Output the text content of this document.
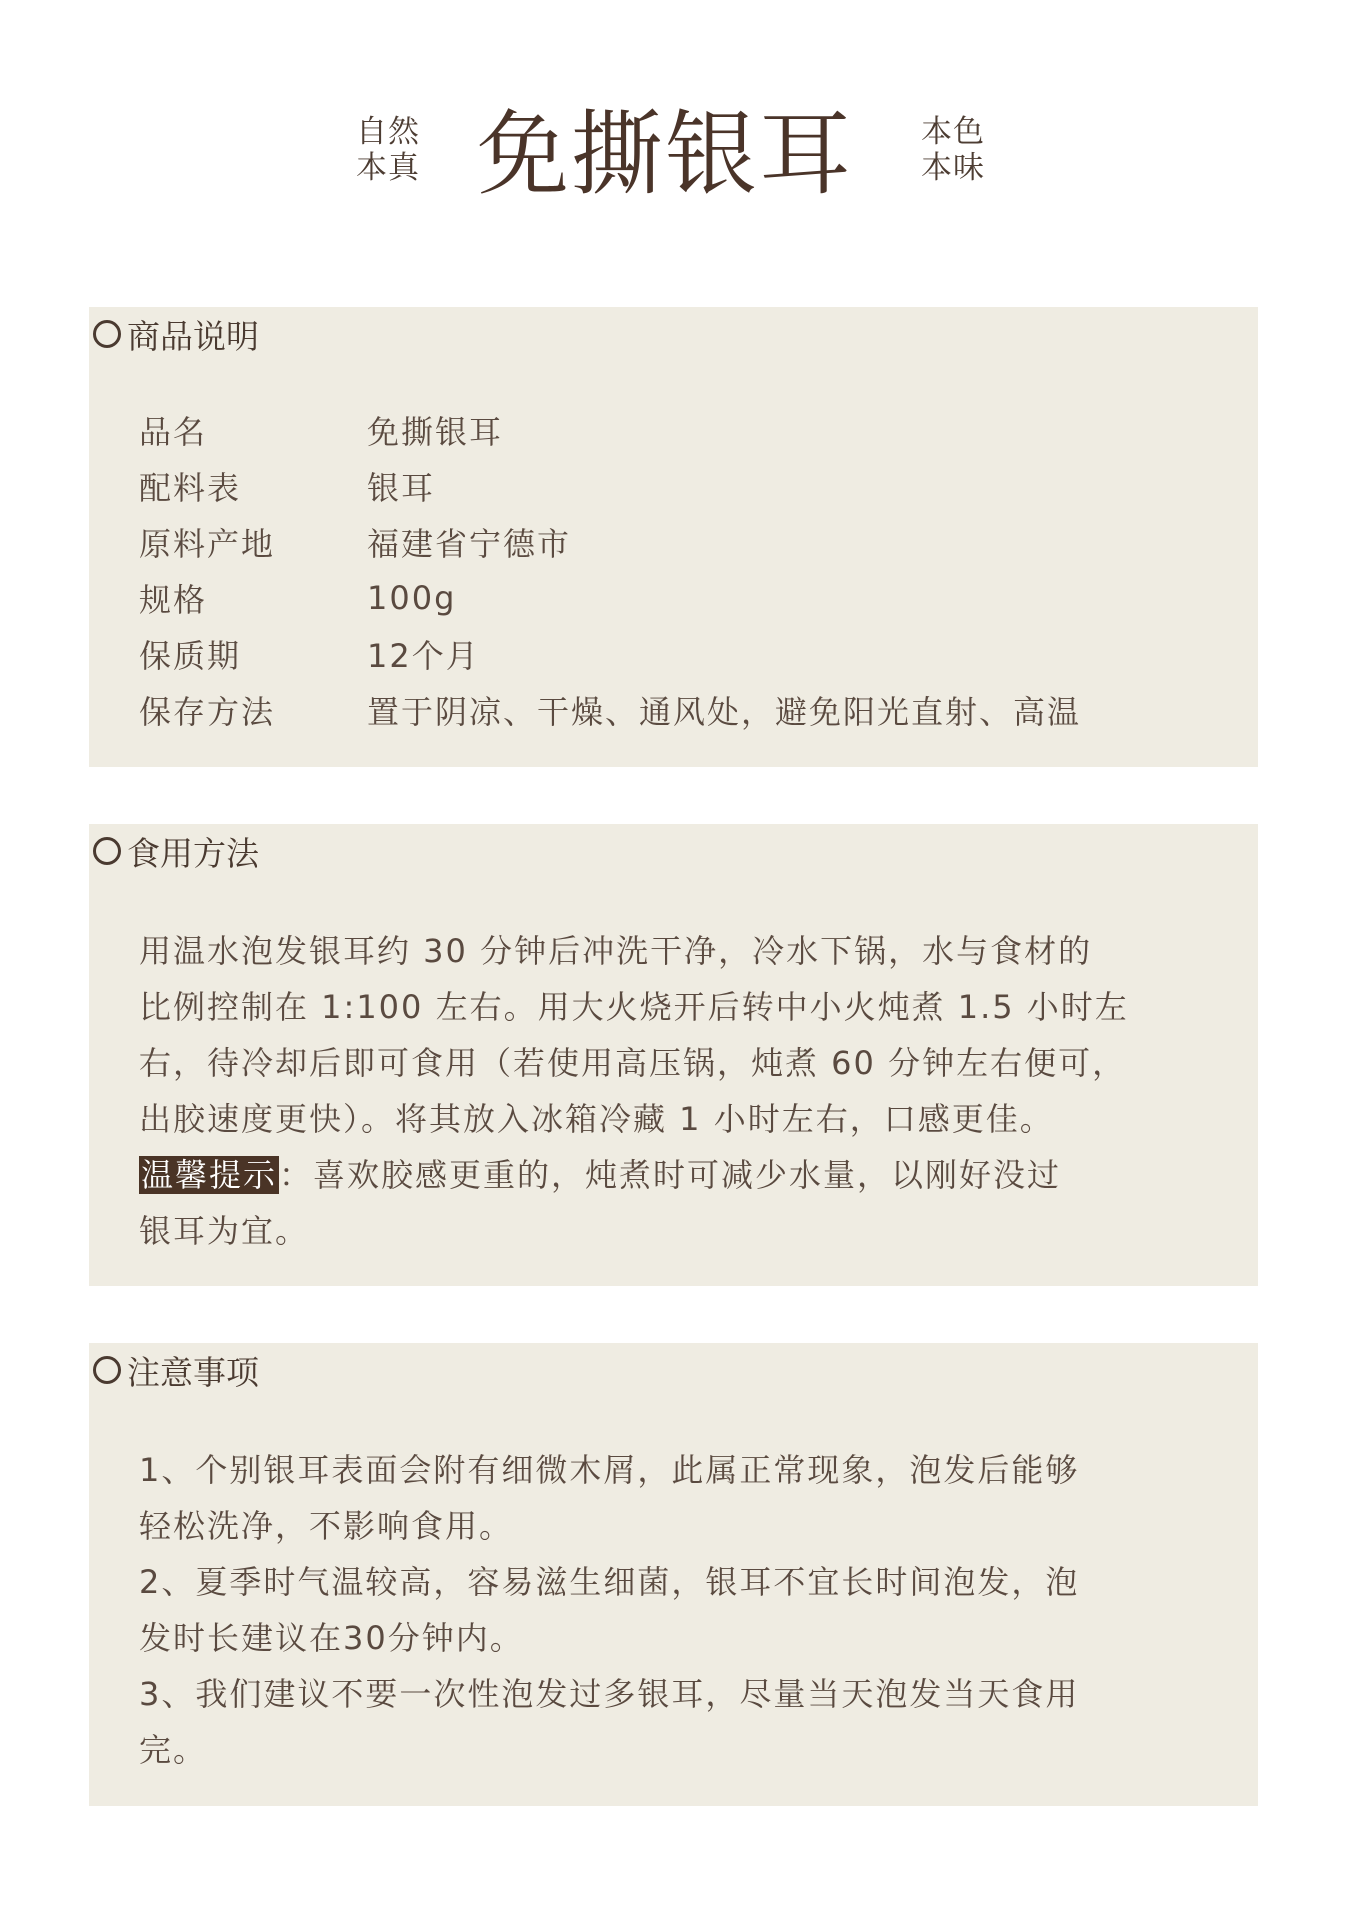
自然
本真 免撕银耳 本色
本味
商品说明
品名	免撕银耳
配料表	银耳
原料产地	福建省宁德市
规格	100g
保质期	12个月
保存方法	置于阴凉、干燥、通风处，避免阳光直射、高温
食用方法
用温水泡发银耳约 30 分钟后冲洗干净，冷水下锅，水与食材的
比例控制在 1:100 左右。用大火烧开后转中小火炖煮 1.5 小时左
右，待冷却后即可食用（若使用高压锅，炖煮 60 分钟左右便可，
出胶速度更快）。将其放入冰箱冷藏 1 小时左右，口感更佳。
温馨提示：喜欢胶感更重的，炖煮时可减少水量，以刚好没过
银耳为宜。
注意事项
1、个别银耳表面会附有细微木屑，此属正常现象，泡发后能够
轻松洗净，不影响食用。
2、夏季时气温较高，容易滋生细菌，银耳不宜长时间泡发，泡
发时长建议在30分钟内。
3、我们建议不要一次性泡发过多银耳，尽量当天泡发当天食用
完。
